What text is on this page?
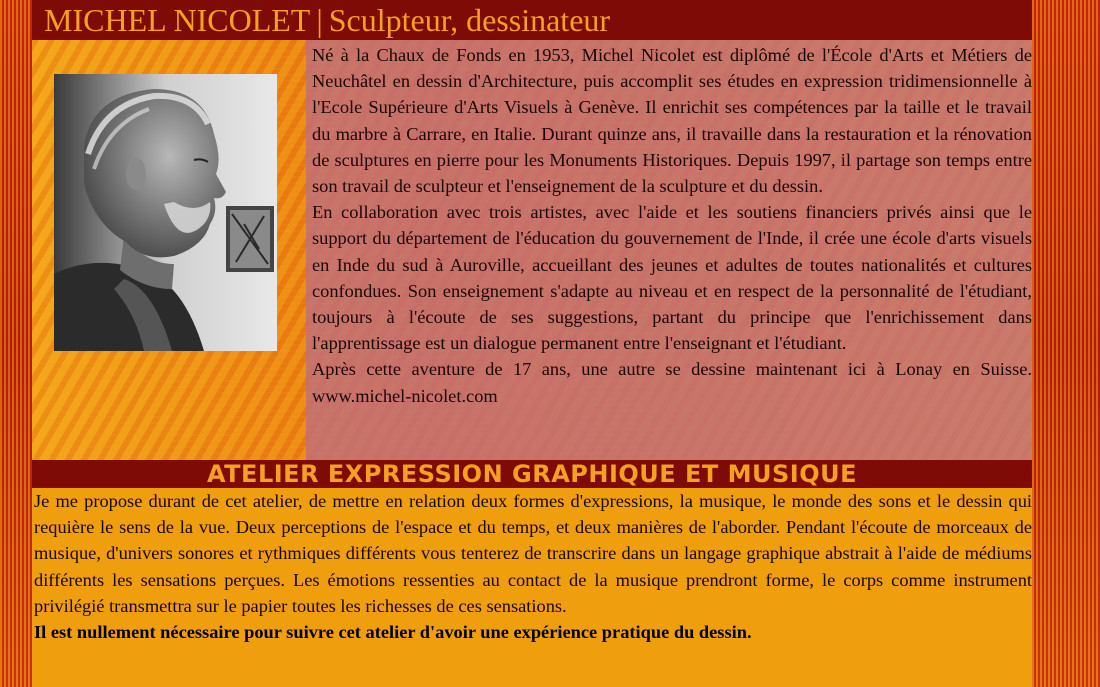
MICHEL NICOLET | Sculpteur, dessinateur

Né à la Chaux de Fonds en 1953, Michel Nicolet est diplômé de l'École d'Arts et Métiers de Neuchâtel en dessin d'Architecture, puis accomplit ses études en expression tridimensionnelle à l'Ecole Supérieure d'Arts Visuels à Genève. Il enrichit ses compétences par la taille et le travail du marbre à Carrare, en Italie. Durant quinze ans, il travaille dans la restauration et la rénovation de sculptures en pierre pour les Monuments Historiques. Depuis 1997, il partage son temps entre son travail de sculpteur et l'enseignement de la sculpture et du dessin.

En collaboration avec trois artistes, avec l'aide et les soutiens financiers privés ainsi que le support du département de l'éducation du gouvernement de l'Inde, il crée une école d'arts visuels en Inde du sud à Auroville, accueillant des jeunes et adultes de toutes nationalités et cultures confondues. Son enseignement s'adapte au niveau et en respect de la personnalité de l'étudiant, toujours à l'écoute de ses suggestions, partant du principe que l'enrichissement dans l'apprentissage est un dialogue permanent entre l'enseignant et l'étudiant.

Après cette aventure de 17 ans, une autre se dessine maintenant ici à Lonay en Suisse. www.michel-nicolet.com

ATELIER EXPRESSION GRAPHIQUE ET MUSIQUE

Je me propose durant de cet atelier, de mettre en relation deux formes d'expressions, la musique, le monde des sons et le dessin qui requière le sens de la vue. Deux perceptions de l'espace et du temps, et deux manières de l'aborder. Pendant l'écoute de morceaux de musique, d'univers sonores et rythmiques différents vous tenterez de transcrire dans un langage graphique abstrait à l'aide de médiums différents les sensations perçues. Les émotions ressenties au contact de la musique prendront forme, le corps comme instrument privilégié transmettra sur le papier toutes les richesses de ces sensations.

Il est nullement nécessaire pour suivre cet atelier d'avoir une expérience pratique du dessin.
